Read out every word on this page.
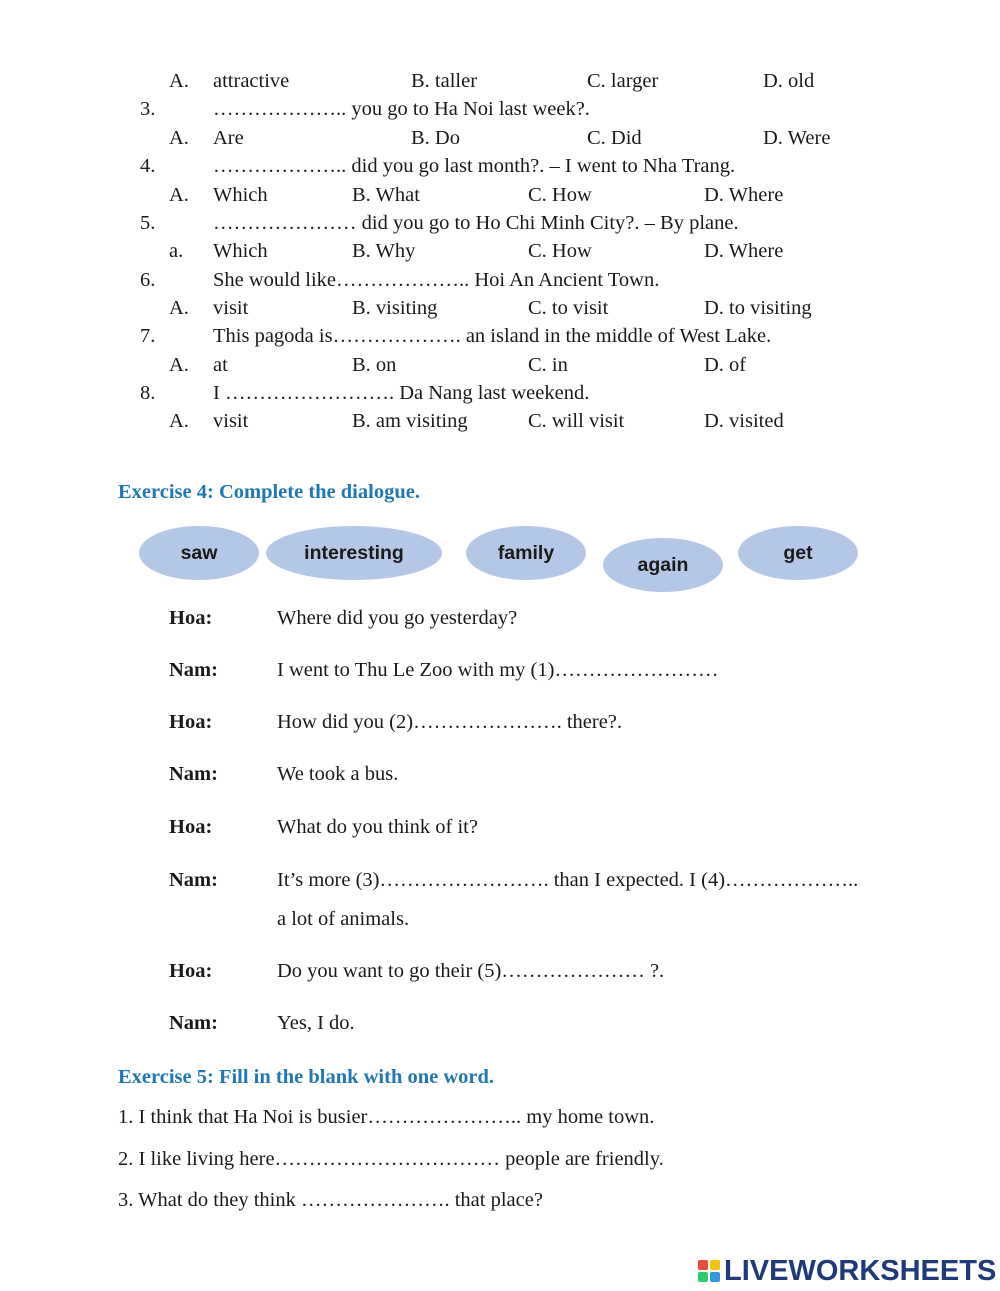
A. attractive	B. taller	C. larger	D. old
3.	……………….. you go to Ha Noi last week?.
A. Are	B. Do	C. Did	D. Were
4.	……………….. did you go last month?. – I went to Nha Trang.
A. Which	B. What	C. How	D. Where
5.	………………… did you go to Ho Chi Minh City?. – By plane.
a. Which	B. Why	C. How	D. Where
6.	She would like……………….. Hoi An Ancient Town.
A. visit	B. visiting	C. to visit	D. to visiting
7.	This pagoda is………………. an island in the middle of West Lake.
A. at	B. on	C. in	D. of
8.	I ……………………. Da Nang last weekend.
A. visit	B. am visiting	C. will visit	D. visited
Exercise 4: Complete the dialogue.
saw	interesting	family
again
get
Hoa:	Where did you go yesterday?
Nam:	I went to Thu Le Zoo with my (1)……………………
Hoa:	How did you (2)…………………. there?.
Nam:	We took a bus.
Hoa:	What do you think of it?
Nam:	It’s more (3)……………………. than I expected. I (4)………………..
a lot of animals.
Hoa:	Do you want to go their (5)………………… ?.
Nam:	Yes, I do.
Exercise 5: Fill in the blank with one word.
1. I think that Ha Noi is busier………………….. my home town.
2. I like living here…………………………… people are friendly.
3. What do they think …………………. that place?
LIVEWORKSHEETS
